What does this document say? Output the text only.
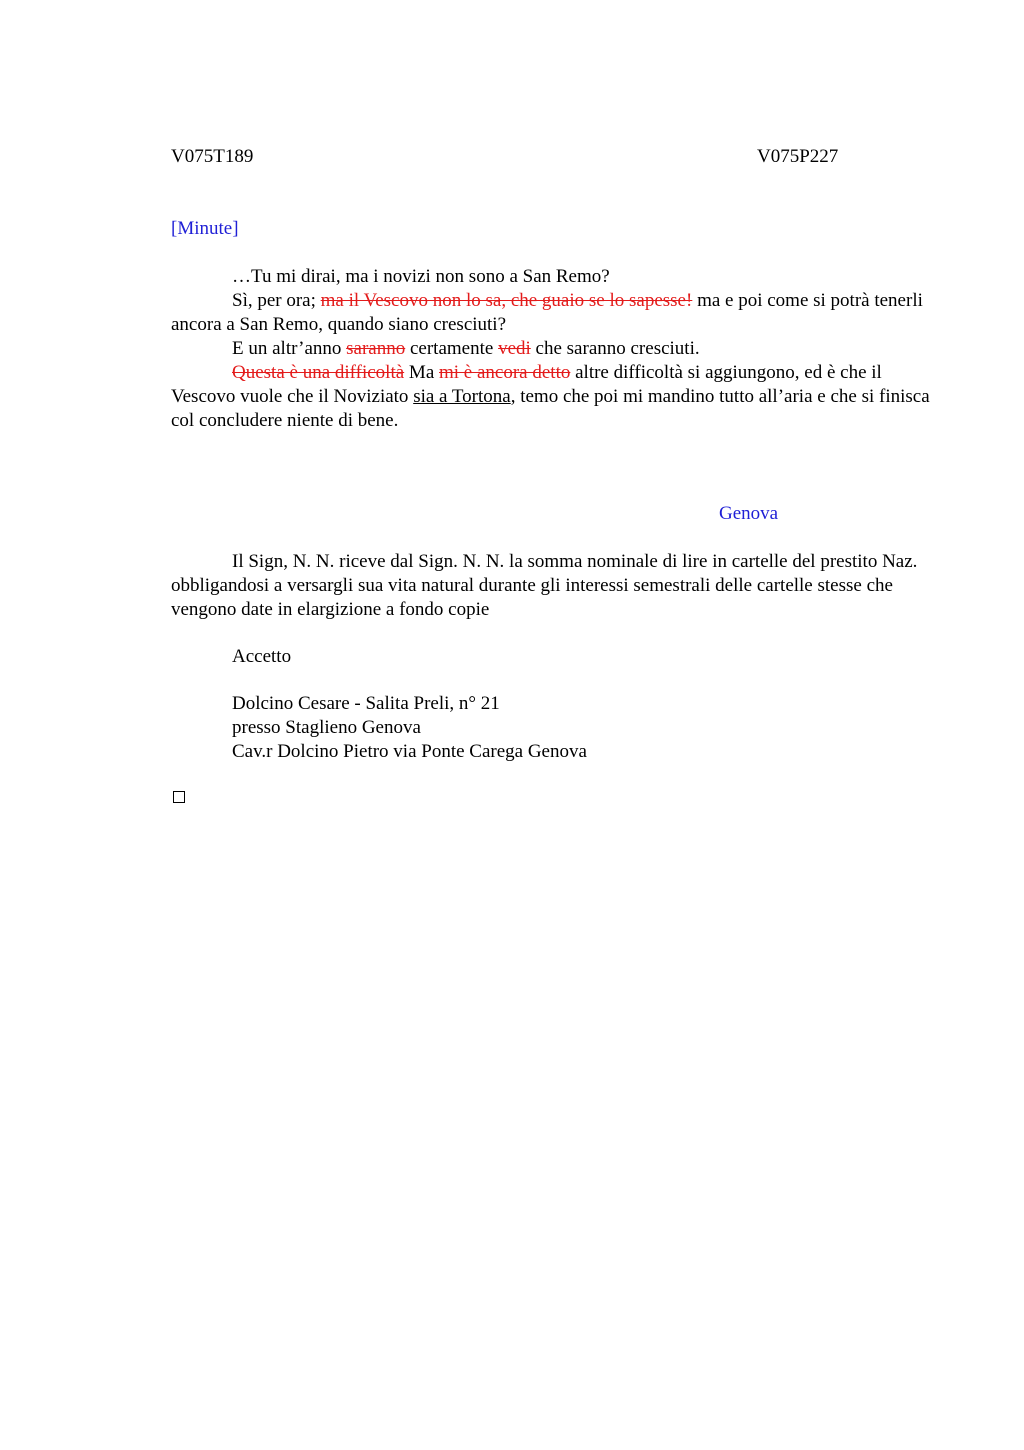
V075T189	V075P227
[Minute]

…Tu mi dirai, ma i novizi non sono a San Remo?

Sì, per ora; ma il Vescovo non lo sa, che guaio se lo sapesse! ma e poi come si potrà tenerli ancora a San Remo, quando siano cresciuti?

E un altr’anno saranno certamente vedi che saranno cresciuti.

Questa è una difficoltà Ma mi è ancora detto altre difficoltà si aggiungono, ed è che il Vescovo vuole che il Noviziato sia a Tortona, temo che poi mi mandino tutto all’aria e che si finisca col concludere niente di bene.

Genova

Il Sign, N. N. riceve dal Sign. N. N. la somma nominale di lire in cartelle del prestito Naz. obbligandosi a versargli sua vita natural durante gli interessi semestrali delle cartelle stesse che vengono date in elargizione a fondo copie

Accetto
Dolcino Cesare - Salita Preli, n° 21
presso Staglieno Genova
Cav.r Dolcino Pietro via Ponte Carega Genova
